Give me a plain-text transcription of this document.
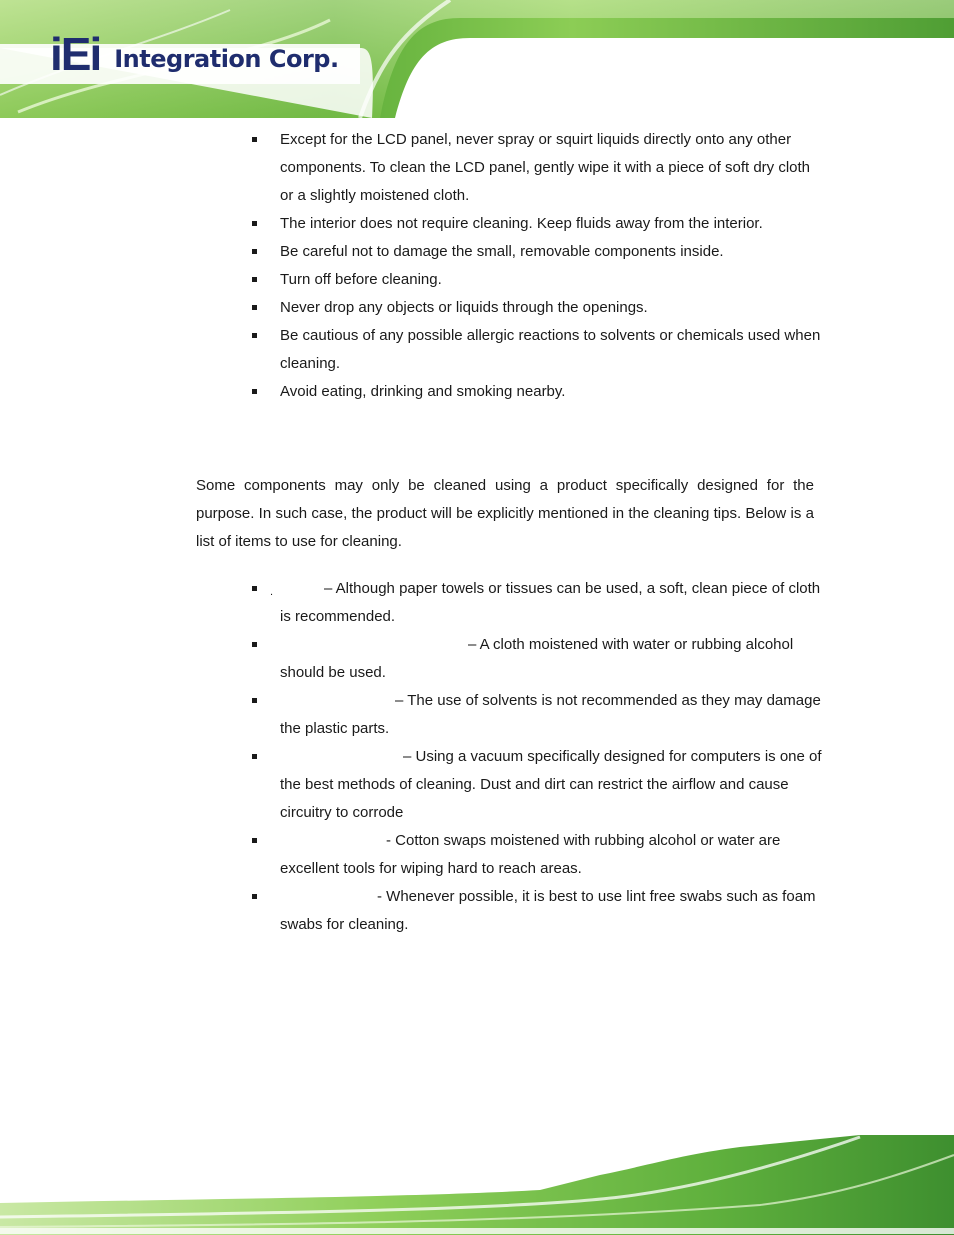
iEi Integration Corp.
Except for the LCD panel, never spray or squirt liquids directly onto any other components. To clean the LCD panel, gently wipe it with a piece of soft dry cloth or a slightly moistened cloth.
The interior does not require cleaning. Keep fluids away from the interior.
Be careful not to damage the small, removable components inside.
Turn off before cleaning.
Never drop any objects or liquids through the openings.
Be cautious of any possible allergic reactions to solvents or chemicals used when cleaning.
Avoid eating, drinking and smoking nearby.

Some components may only be cleaned using a product specifically designed for the purpose. In such case, the product will be explicitly mentioned in the cleaning tips. Below is a list of items to use for cleaning.

.	– Although paper towels or tissues can be used, a soft, clean piece of cloth is recommended.
– A cloth moistened with water or rubbing alcohol should be used.
– The use of solvents is not recommended as they may damage the plastic parts.
– Using a vacuum specifically designed for computers is one of the best methods of cleaning. Dust and dirt can restrict the airflow and cause circuitry to corrode
- Cotton swaps moistened with rubbing alcohol or water are excellent tools for wiping hard to reach areas.
- Whenever possible, it is best to use lint free swabs such as foam swabs for cleaning.
